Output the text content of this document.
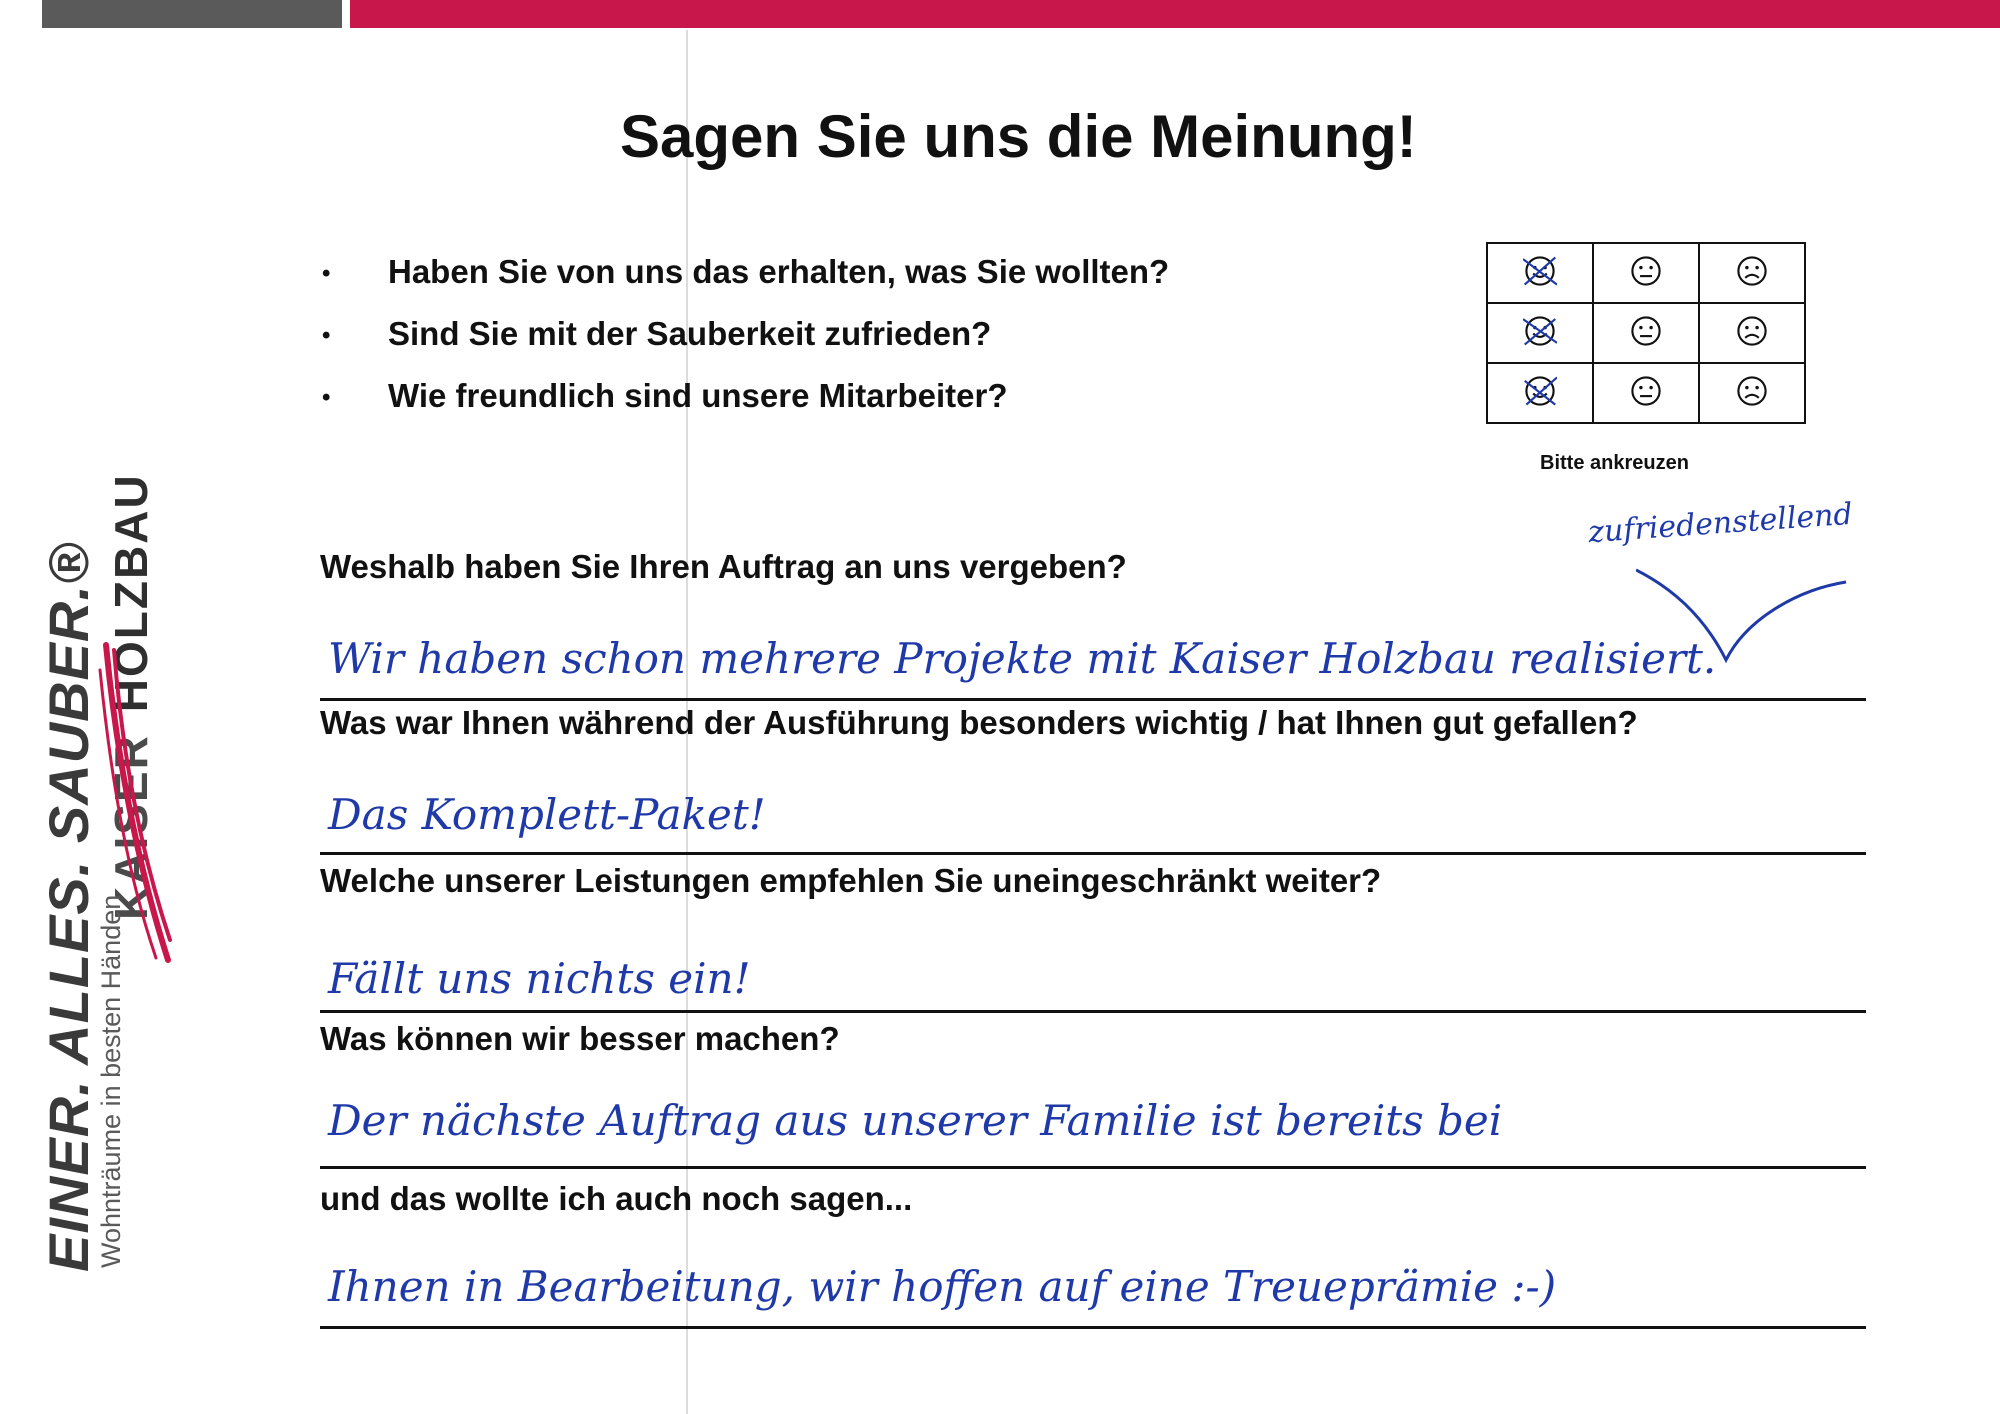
KAISER
HOLZBAU
EINER. ALLES. SAUBER.®
Wohnträume in besten Händen
Sagen Sie uns die Meinung!
• Haben Sie von uns das erhalten, was Sie wollten?
• Sind Sie mit der Sauberkeit zufrieden?
• Wie freundlich sind unsere Mitarbeiter?

Bitte ankreuzen
zufriedenstellend
Weshalb haben Sie Ihren Auftrag an uns vergeben?
Wir haben schon mehrere Projekte mit Kaiser Holzbau realisiert.
Was war Ihnen während der Ausführung besonders wichtig / hat Ihnen gut gefallen?
Das Komplett-Paket!
Welche unserer Leistungen empfehlen Sie uneingeschränkt weiter?
Fällt uns nichts ein!
Was können wir besser machen?
Der nächste Auftrag aus unserer Familie ist bereits bei
und das wollte ich auch noch sagen...
Ihnen in Bearbeitung, wir hoffen auf eine Treueprämie :-)
